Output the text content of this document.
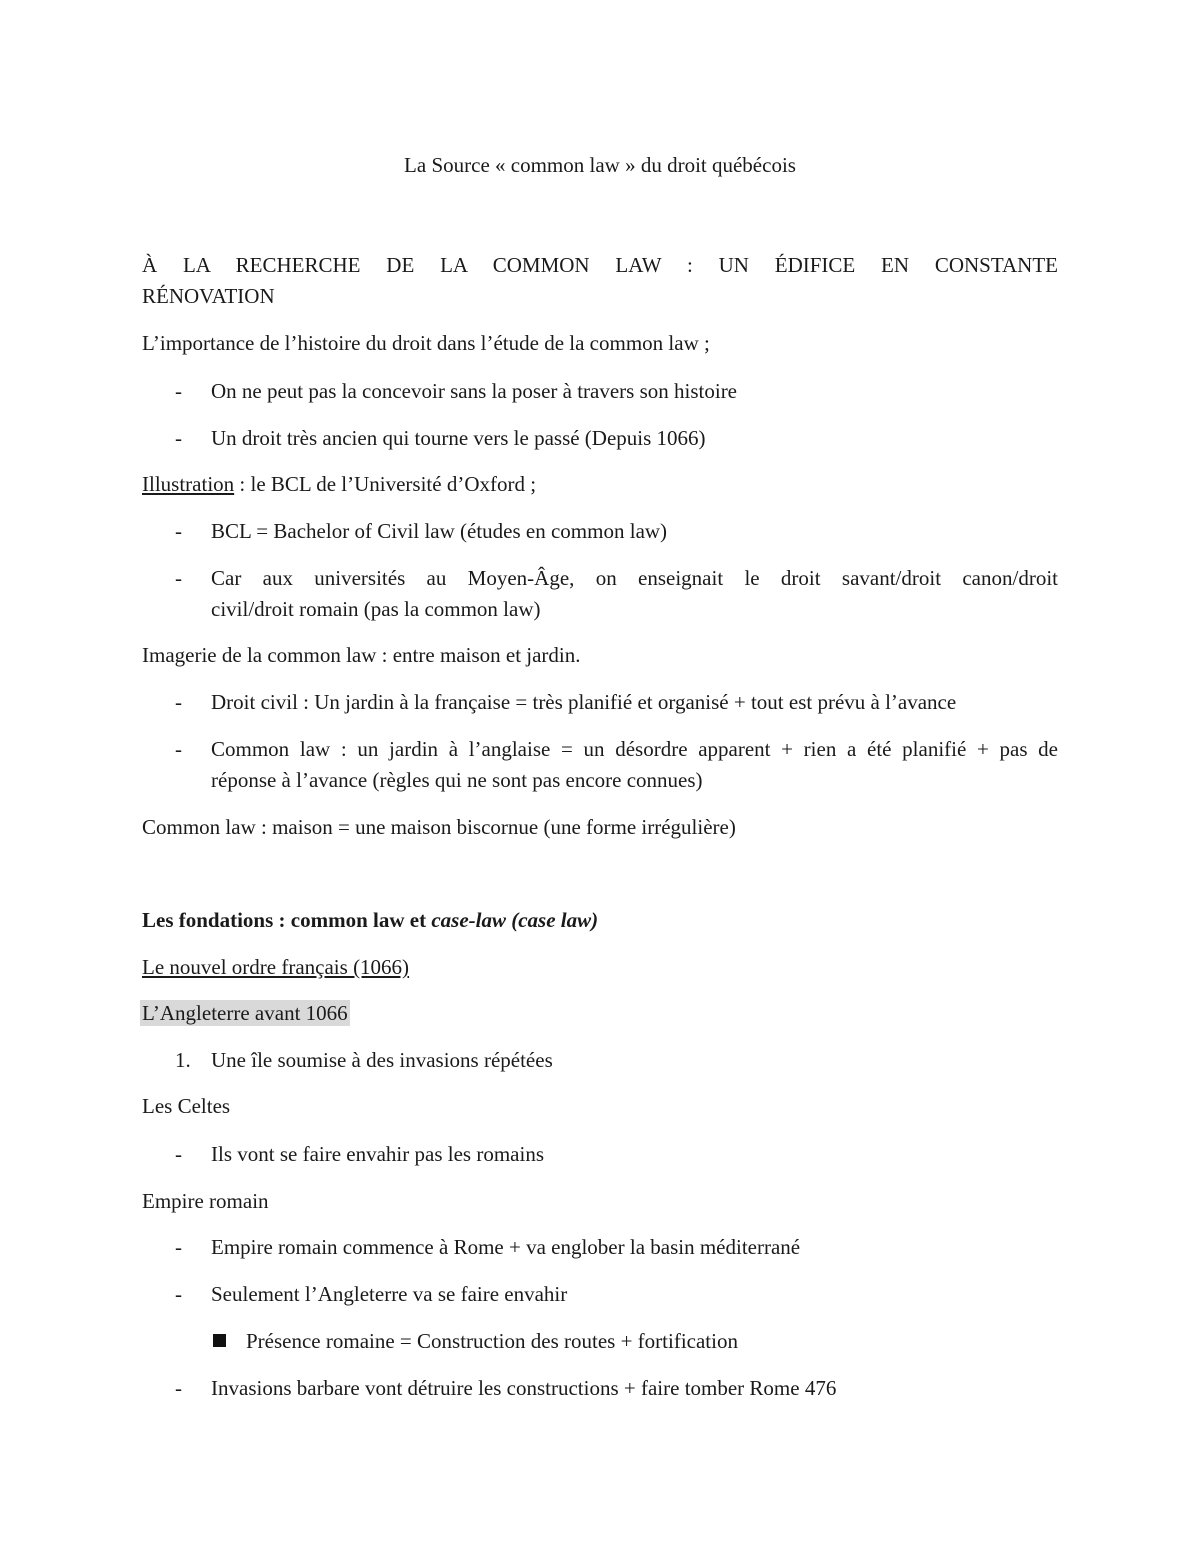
La Source « common law » du droit québécois
À LA RECHERCHE DE LA COMMON LAW : UN ÉDIFICE EN CONSTANTE
RÉNOVATION
L’importance de l’histoire du droit dans l’étude de la common law ;
- On ne peut pas la concevoir sans la poser à travers son histoire
- Un droit très ancien qui tourne vers le passé (Depuis 1066)
Illustration : le BCL de l’Université d’Oxford ;
- BCL = Bachelor of Civil law (études en common law)
- Car aux universités au Moyen-Âge, on enseignait le droit savant/droit canon/droit
civil/droit romain (pas la common law)
Imagerie de la common law : entre maison et jardin.
- Droit civil : Un jardin à la française = très planifié et organisé + tout est prévu à l’avance
- Common law : un jardin à l’anglaise = un désordre apparent + rien a été planifié + pas de
réponse à l’avance (règles qui ne sont pas encore connues)
Common law : maison = une maison biscornue (une forme irrégulière)
Les fondations : common law et case-law (case law)
Le nouvel ordre français (1066)
L’Angleterre avant 1066
1. Une île soumise à des invasions répétées
Les Celtes
- Ils vont se faire envahir pas les romains
Empire romain
- Empire romain commence à Rome + va englober la basin méditerrané
- Seulement l’Angleterre va se faire envahir
Présence romaine = Construction des routes + fortification
- Invasions barbare vont détruire les constructions + faire tomber Rome 476
